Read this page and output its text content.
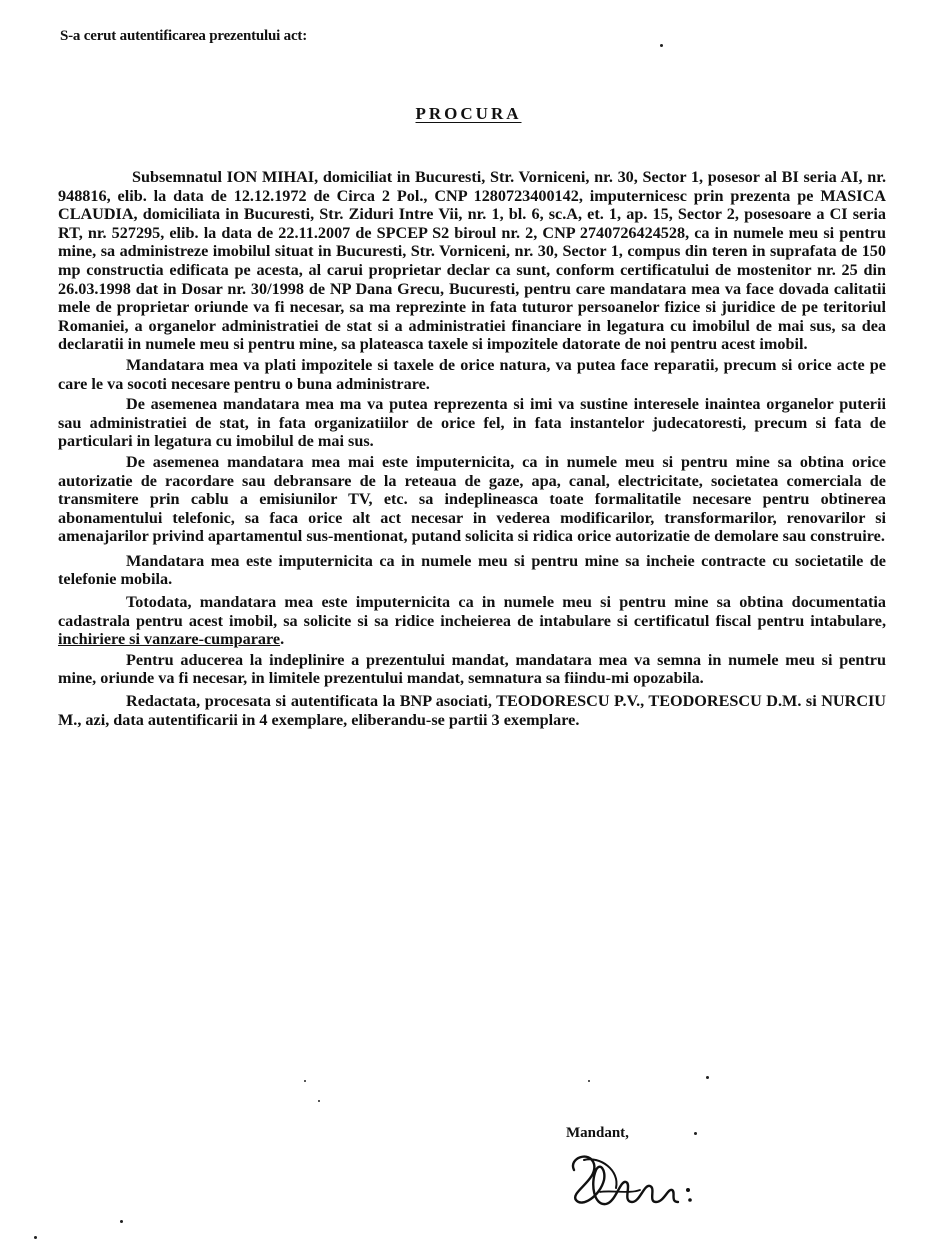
S-a cerut autentificarea prezentului act:
PROCURA

Subsemnatul ION MIHAI, domiciliat in Bucuresti, Str. Vornicenі, nr. 30, Sector 1, posesor al BI seria AI, nr. 948816, elib. la data de 12.12.1972 de Circa 2 Pol., CNP 1280723400142, imputernicesc prin prezenta pe MASICA CLAUDIA, domiciliata in Bucuresti, Str. Ziduri Intre Vii, nr. 1, bl. 6, sc.A, et. 1, ap. 15, Sector 2, posesoare a CI seria RT, nr. 527295, elib. la data de 22.11.2007 de SPCEP S2 biroul nr. 2, CNP 2740726424528, ca in numele meu si pentru mine, sa administreze imobilul situat in Bucuresti, Str. Vornicenі, nr. 30, Sector 1, compus din teren in suprafata de 150 mp constructia edificata pe acesta, al carui proprietar declar ca sunt, conform certificatului de mostenitor nr. 25 din 26.03.1998 dat in Dosar nr. 30/1998 de NP Dana Grecu, Bucuresti, pentru care mandatara mea va face dovada calitatii mele de proprietar oriunde va fi necesar, sa ma reprezinte in fata tuturor persoanelor fizice si juridice de pe teritoriul Romaniei, a organelor administratiei de stat si a administratiei financiare in legatura cu imobilul de mai sus, sa dea declaratii in numele meu si pentru mine, sa plateasca taxele si impozitele datorate de noi pentru acest imobil.

Mandatara mea va plati impozitele si taxele de orice natura, va putea face reparatii, precum si orice acte pe care le va socoti necesare pentru o buna administrare.

De asemenea mandatara mea ma va putea reprezenta si imi va sustine interesele inaintea organelor puterii sau administratiei de stat, in fata organizatiilor de orice fel, in fata instantelor judecatoresti, precum si fata de particulari in legatura cu imobilul de mai sus.

De asemenea mandatara mea mai este imputernicita, ca in numele meu si pentru mine sa obtina orice autorizatie de racordare sau debransare de la reteaua de gaze, apa, canal, electricitate, societatea comerciala de transmitere prin cablu a emisiunilor TV, etc. sa indeplineasca toate formalitatile necesare pentru obtinerea abonamentului telefonic, sa faca orice alt act necesar in vederea modificarilor, transformarilor, renovarilor si amenajarilor privind apartamentul sus-mentionat, putand solicita si ridica orice autorizatie de demolare sau construire.

Mandatara mea este imputernicita ca in numele meu si pentru mine sa incheie contracte cu societatile de telefonie mobila.

Totodata, mandatara mea este imputernicita ca in numele meu si pentru mine sa obtina documentatia cadastrala pentru acest imobil, sa solicite si sa ridice incheierea de intabulare si certificatul fiscal pentru intabulare, inchiriere si vanzare-cumparare.

Pentru aducerea la indeplinire a prezentului mandat, mandatara mea va semna in numele meu si pentru mine, oriunde va fi necesar, in limitele prezentului mandat, semnatura sa fiindu-mi opozabila.

Redactata, procesata si autentificata la BNP asociati, TEODORESCU P.V., TEODORESCU D.M. si NURCIU M., azi, data autentificarii in 4 exemplare, eliberandu-se partii 3 exemplare.

Mandant,
